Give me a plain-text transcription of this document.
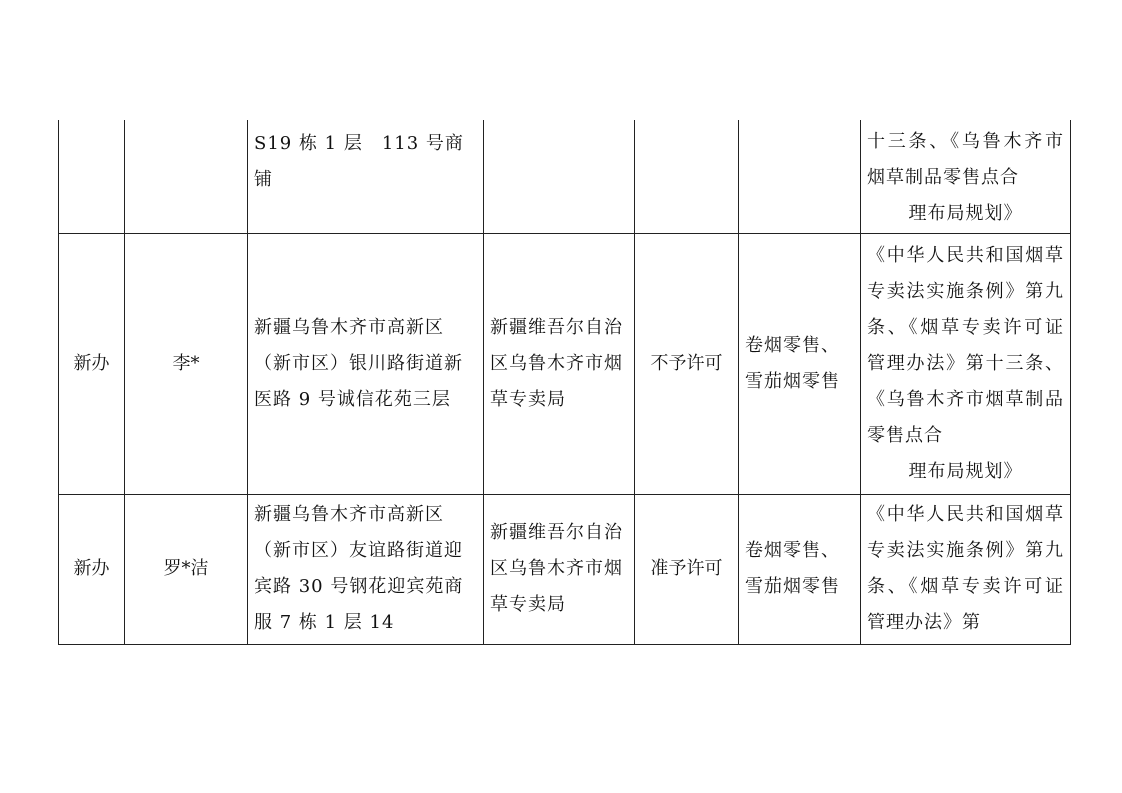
		S19 栋 1 层　113 号商铺				十三条、《乌鲁木齐市烟草制品零售点合
理布局规划》

新办	李*	新疆乌鲁木齐市高新区（新市区）银川路街道新医路 9 号诚信花苑三层	新疆维吾尔自治区乌鲁木齐市烟草专卖局	不予许可	卷烟零售、雪茄烟零售	《中华人民共和国烟草专卖法实施条例》第九条、《烟草专卖许可证管理办法》第十三条、《乌鲁木齐市烟草制品零售点合
理布局规划》

新办	罗*洁	新疆乌鲁木齐市高新区（新市区）友谊路街道迎宾路 30 号钢花迎宾苑商服 7 栋 1 层 14	新疆维吾尔自治区乌鲁木齐市烟草专卖局	准予许可	卷烟零售、雪茄烟零售	《中华人民共和国烟草专卖法实施条例》第九条、《烟草专卖许可证管理办法》第
